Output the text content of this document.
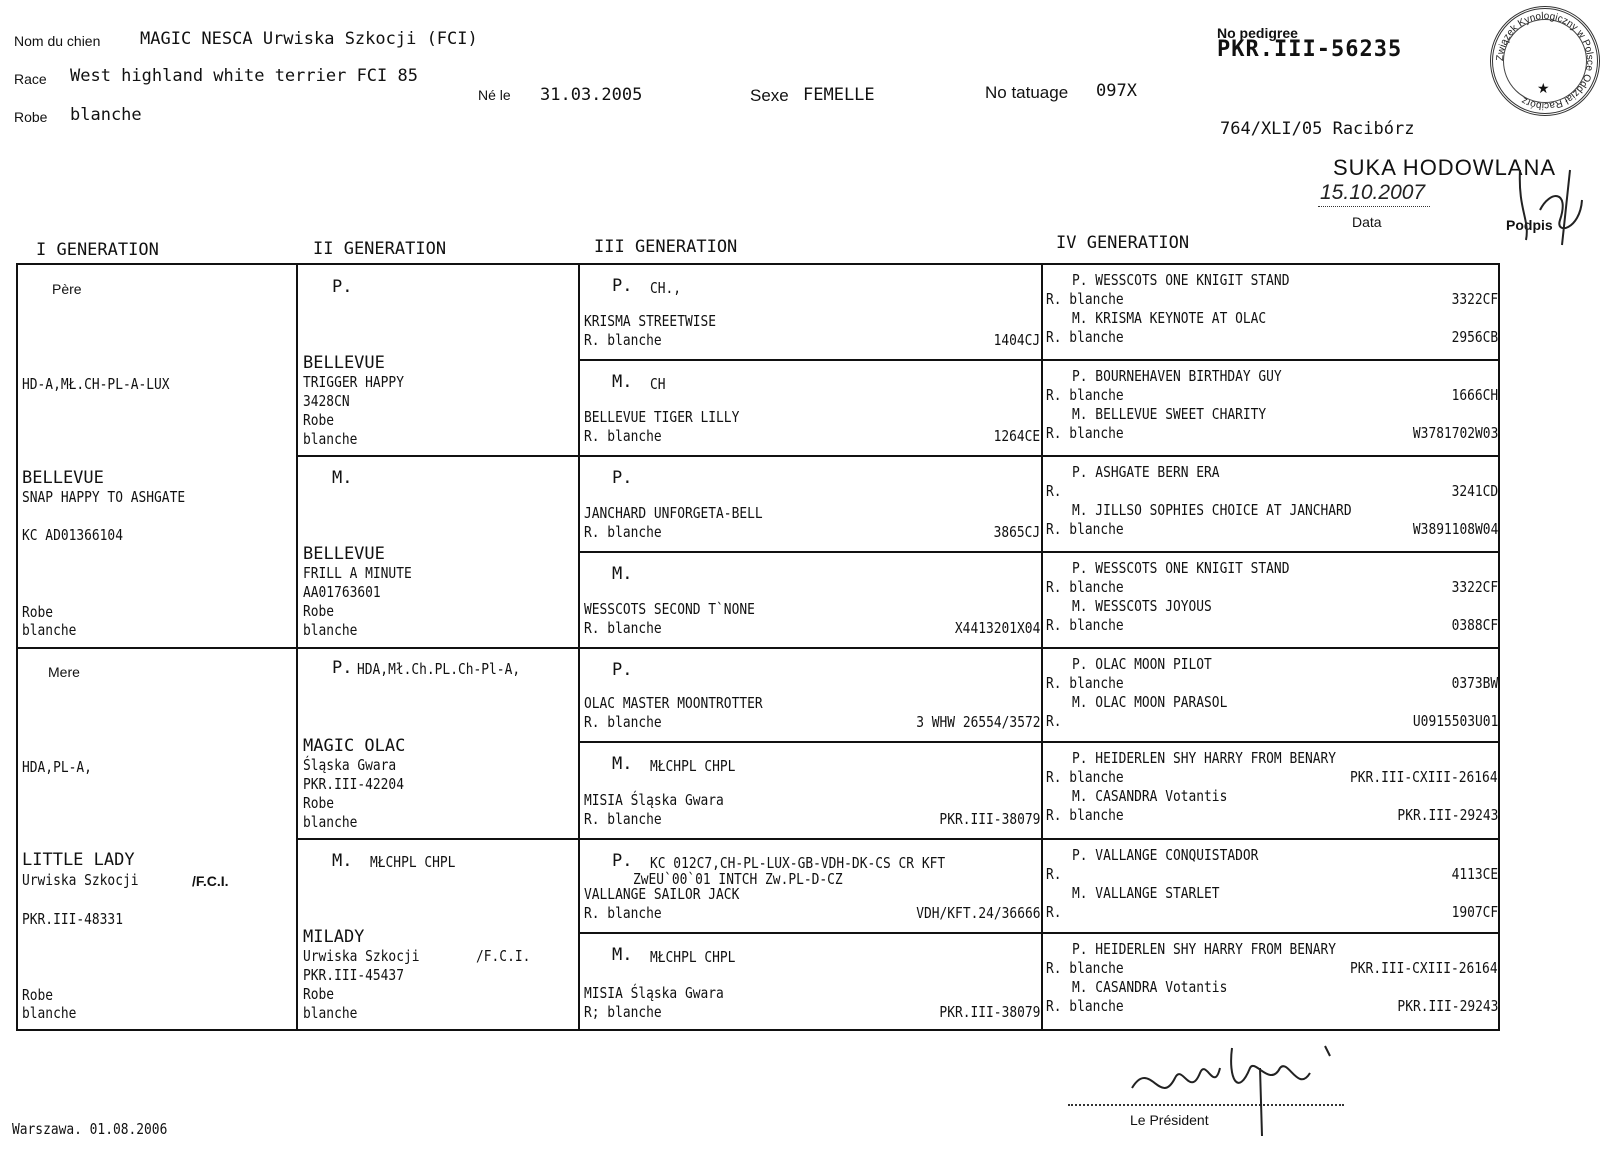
Nom du chien MAGIC NESCA Urwiska Szkocji (FCI)
Race West highland white terrier FCI 85
Robe blanche
Né le 31.03.2005	Sexe FEMELLE	No tatuage 097X
No pedigree
PKR.III-56235
764/XLI/05 Racibórz
SUKA HODOWLANA
15.10.2007
Data	Podpis
Związek Kynologiczny w Polsce Oddział Racibórz
★
I GENERATION	II GENERATION	III GENERATION	IV GENERATION
Père
HD-A,MŁ.CH-PL-A-LUX
BELLEVUE
SNAP HAPPY TO ASHGATE
KC AD01366104
Robe
blanche
Mere
HDA,PL-A,
LITTLE LADY
Urwiska Szkocji	/F.C.I.
PKR.III-48331
Robe
blanche
P.
BELLEVUE
TRIGGER HAPPY
3428CN
Robe
blanche
M.
BELLEVUE
FRILL A MINUTE
AA01763601
Robe
blanche
P. HDA,Mł.Ch.PL.Ch-Pl-A,
MAGIC OLAC
Śląska Gwara
PKR.III-42204
Robe
blanche
M. MŁCHPL CHPL
MILADY
Urwiska Szkocji	/F.C.I.
PKR.III-45437
Robe
blanche
P. CH.,
KRISMA STREETWISE
R. blanche	1404CJ
M. CH
BELLEVUE TIGER LILLY
R. blanche	1264CE
P.
JANCHARD UNFORGETA-BELL
R. blanche	3865CJ
M.
WESSCOTS SECOND T`NONE
R. blanche	X4413201X04
P.
OLAC MASTER MOONTROTTER
R. blanche	3 WHW 26554/3572
M. MŁCHPL CHPL
MISIA Śląska Gwara
R. blanche	PKR.III-38079
P. KC 012C7,CH-PL-LUX-GB-VDH-DK-CS CR KFT
ZwEU`00`01 INTCH Zw.PL-D-CZ
VALLANGE SAILOR JACK
R. blanche	VDH/KFT.24/36666
M. MŁCHPL CHPL
MISIA Śląska Gwara
R; blanche	PKR.III-38079
P. WESSCOTS ONE KNIGIT STAND
R. blanche	3322CF
M. KRISMA KEYNOTE AT OLAC
R. blanche	2956CB
P. BOURNEHAVEN BIRTHDAY GUY
R. blanche	1666CH
M. BELLEVUE SWEET CHARITY
R. blanche	W3781702W03
P. ASHGATE BERN ERA
R.	3241CD
M. JILLSO SOPHIES CHOICE AT JANCHARD
R. blanche	W3891108W04
P. WESSCOTS ONE KNIGIT STAND
R. blanche	3322CF
M. WESSCOTS JOYOUS
R. blanche	0388CF
P. OLAC MOON PILOT
R. blanche	0373BW
M. OLAC MOON PARASOL
R.	U0915503U01
P. HEIDERLEN SHY HARRY FROM BENARY
R. blanche	PKR.III-CXIII-26164
M. CASANDRA Votantis
R. blanche	PKR.III-29243
P. VALLANGE CONQUISTADOR
R.	4113CE
M. VALLANGE STARLET
R.	1907CF
P. HEIDERLEN SHY HARRY FROM BENARY
R. blanche	PKR.III-CXIII-26164
M. CASANDRA Votantis
R. blanche	PKR.III-29243
Warszawa. 01.08.2006	Le Président
